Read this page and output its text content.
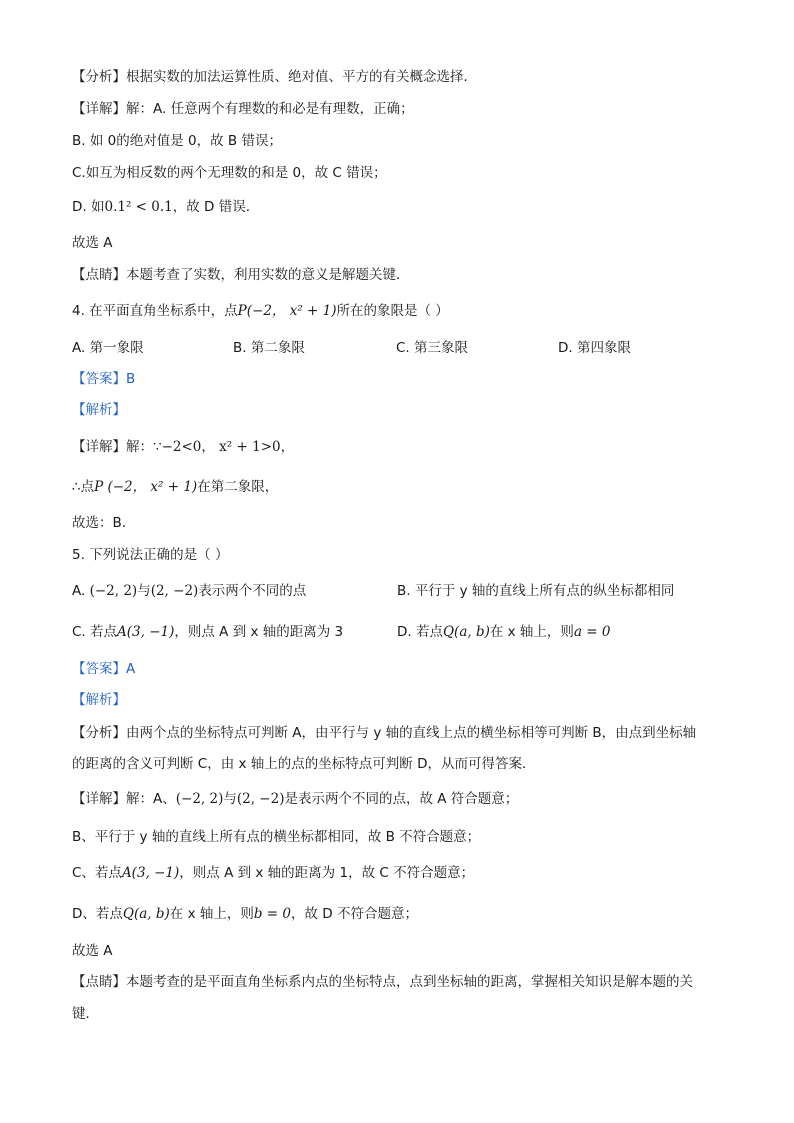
【分析】根据实数的加法运算性质、绝对值、平方的有关概念选择．
【详解】解：A. 任意两个有理数的和必是有理数，正确；
B. 如 0的绝对值是 0，故 B 错误；
C.如互为相反数的两个无理数的和是 0，故 C 错误；
D. 如0.1² < 0.1，故 D 错误.
故选 A
【点睛】本题考查了实数，利用实数的意义是解题关键．
4. 在平面直角坐标系中，点P(−2， x² + 1)所在的象限是（ ）
A. 第一象限	B. 第二象限	C. 第三象限	D. 第四象限
【答案】B
【解析】
【详解】解：∵−2<0， x² + 1>0，
∴点P (−2， x² + 1)在第二象限，
故选：B．
5. 下列说法正确的是（ ）
A. (−2, 2)与(2, −2)表示两个不同的点	B. 平行于 y 轴的直线上所有点的纵坐标都相同
C. 若点A(3, −1)，则点 A 到 x 轴的距离为 3	D. 若点Q(a, b)在 x 轴上，则a = 0
【答案】A
【解析】
【分析】由两个点的坐标特点可判断 A，由平行与 y 轴的直线上点的横坐标相等可判断 B，由点到坐标轴
的距离的含义可判断 C，由 x 轴上的点的坐标特点可判断 D，从而可得答案．
【详解】解：A、(−2, 2)与(2, −2)是表示两个不同的点，故 A 符合题意；
B、平行于 y 轴的直线上所有点的横坐标都相同，故 B 不符合题意；
C、若点A(3, −1)，则点 A 到 x 轴的距离为 1，故 C 不符合题意；
D、若点Q(a, b)在 x 轴上，则b = 0，故 D 不符合题意；
故选 A
【点睛】本题考查的是平面直角坐标系内点的坐标特点，点到坐标轴的距离，掌握相关知识是解本题的关
键．
